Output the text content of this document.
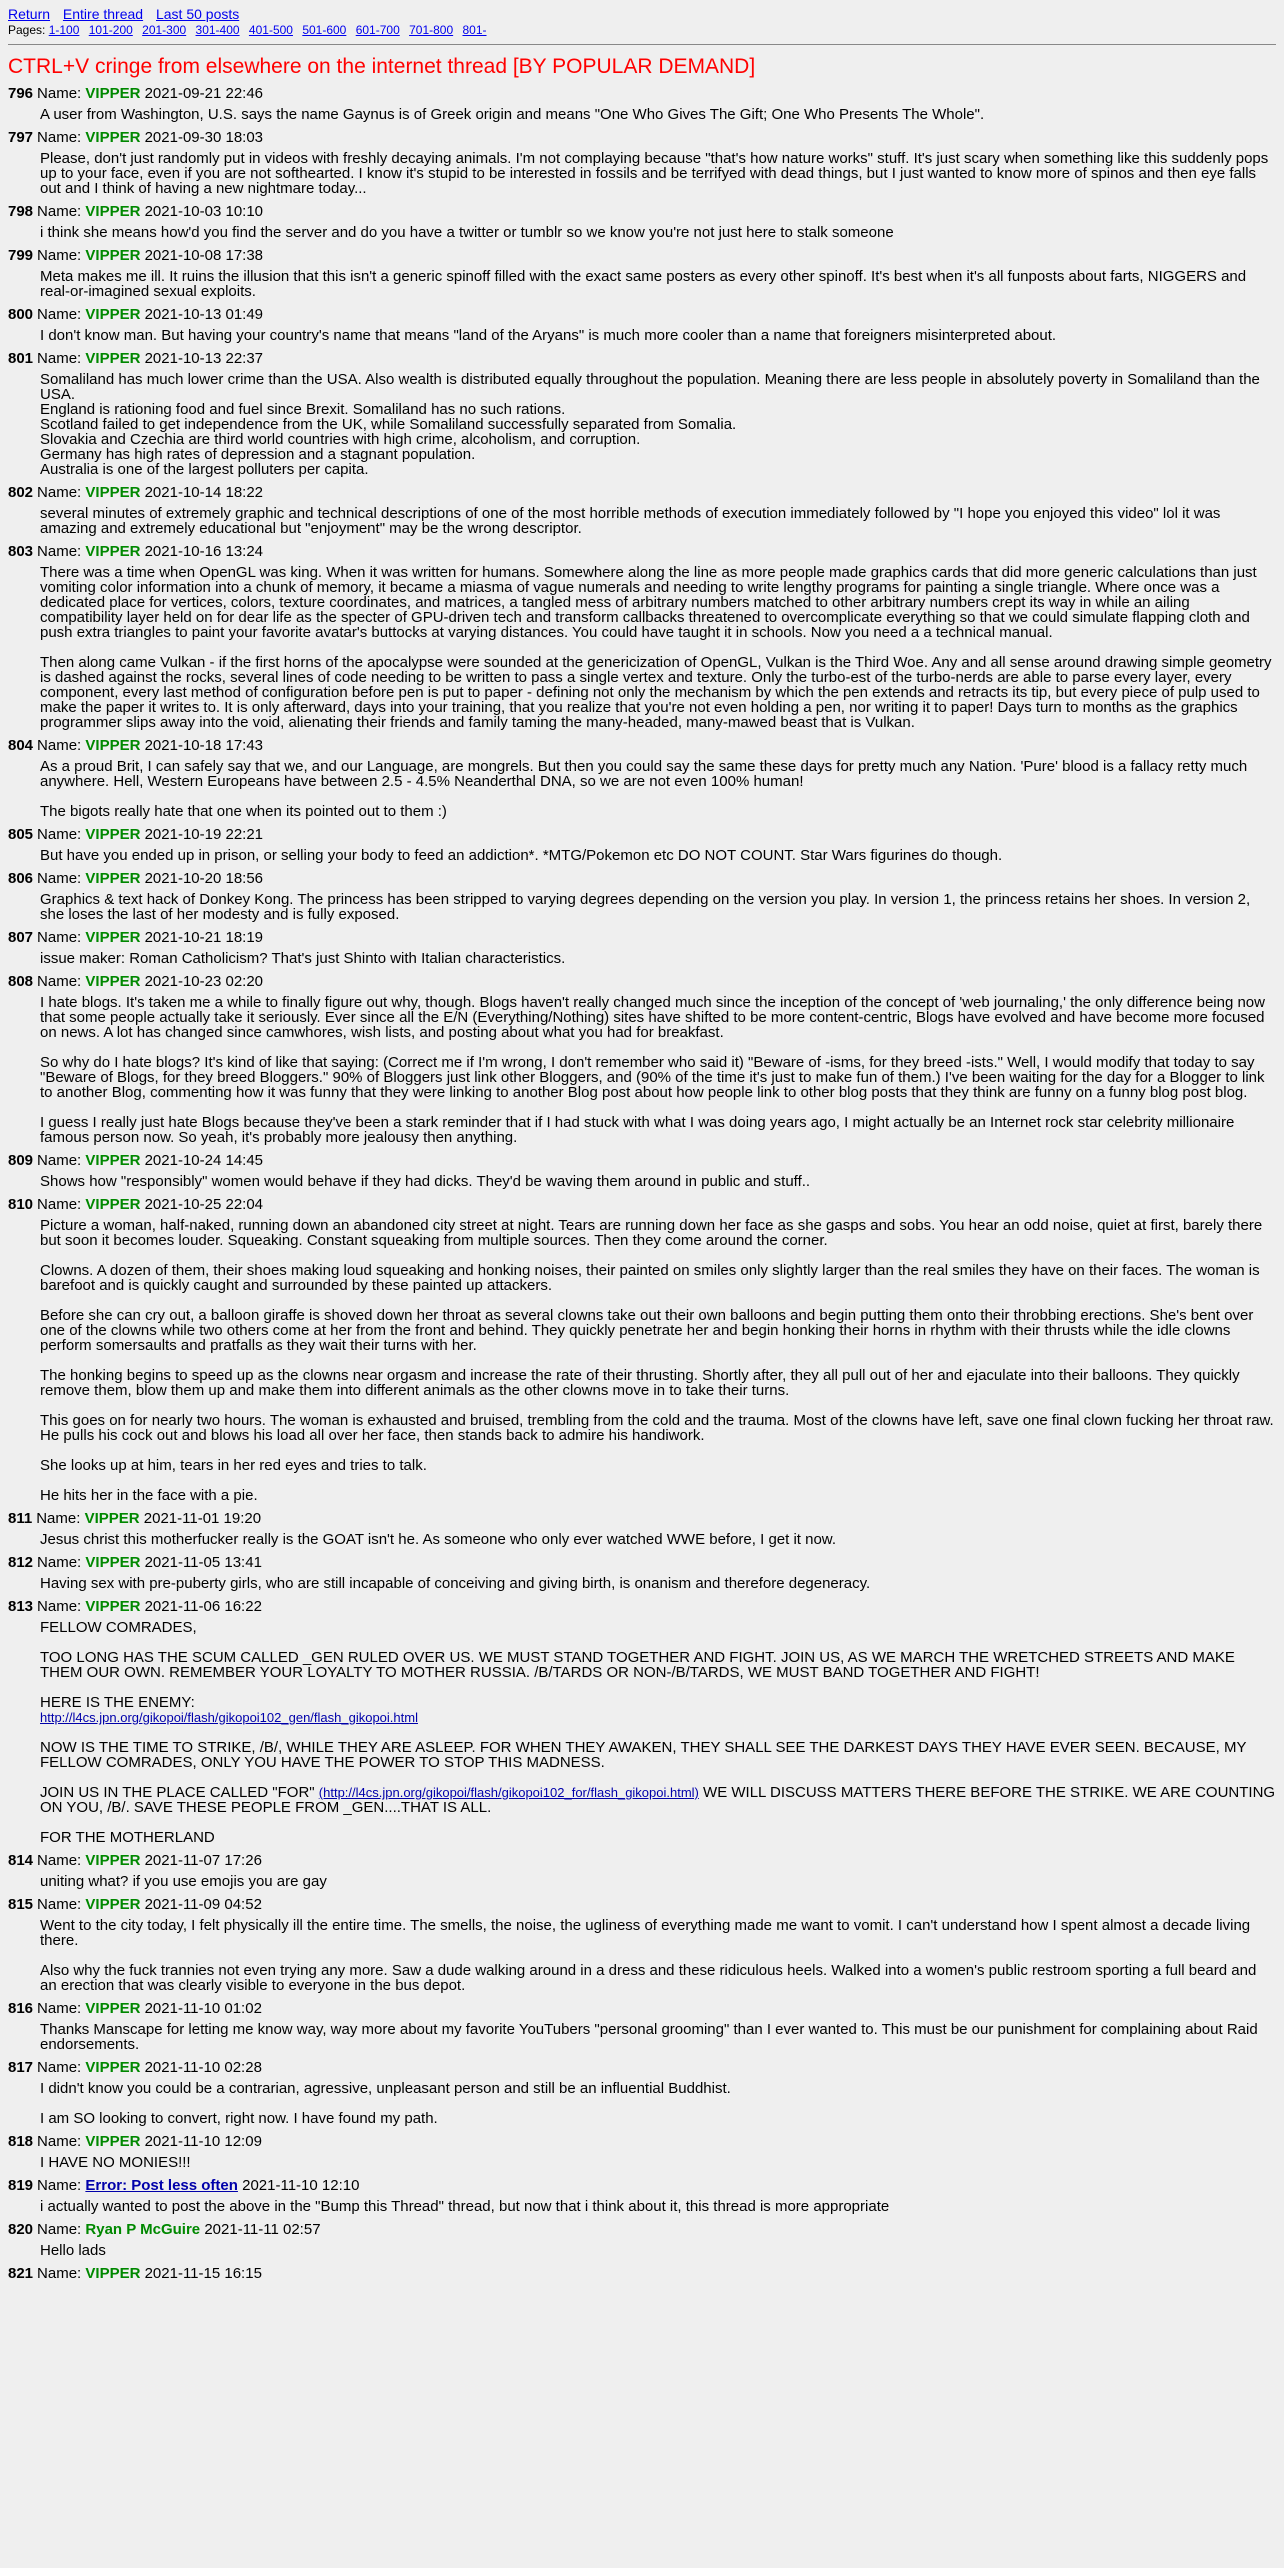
Return Entire thread Last 50 posts
Pages: 1-100 101-200 201-300 301-400 401-500 501-600 601-700 701-800 801-
CTRL+V cringe from elsewhere on the internet thread [BY POPULAR DEMAND]
796 Name: VIPPER 2021-09-21 22:46

A user from Washington, U.S. says the name Gaynus is of Greek origin and means "One Who Gives The Gift; One Who Presents The Whole".

797 Name: VIPPER 2021-09-30 18:03

Please, don't just randomly put in videos with freshly decaying animals. I'm not complaying because "that's how nature works" stuff. It's just scary when something like this suddenly pops up to your face, even if you are not softhearted. I know it's stupid to be interested in fossils and be terrifyed with dead things, but I just wanted to know more of spinos and then eye falls out and I think of having a new nightmare today...

798 Name: VIPPER 2021-10-03 10:10

i think she means how'd you find the server and do you have a twitter or tumblr so we know you're not just here to stalk someone

799 Name: VIPPER 2021-10-08 17:38

Meta makes me ill. It ruins the illusion that this isn't a generic spinoff filled with the exact same posters as every other spinoff. It's best when it's all funposts about farts, NIGGERS and real-or-imagined sexual exploits.

800 Name: VIPPER 2021-10-13 01:49

I don't know man. But having your country's name that means "land of the Aryans" is much more cooler than a name that foreigners misinterpreted about.

801 Name: VIPPER 2021-10-13 22:37

Somaliland has much lower crime than the USA. Also wealth is distributed equally throughout the population. Meaning there are less people in absolutely poverty in Somaliland than the USA.
England is rationing food and fuel since Brexit. Somaliland has no such rations.
Scotland failed to get independence from the UK, while Somaliland successfully separated from Somalia.
Slovakia and Czechia are third world countries with high crime, alcoholism, and corruption.
Germany has high rates of depression and a stagnant population.
Australia is one of the largest polluters per capita.

802 Name: VIPPER 2021-10-14 18:22

several minutes of extremely graphic and technical descriptions of one of the most horrible methods of execution immediately followed by "I hope you enjoyed this video" lol it was amazing and extremely educational but "enjoyment" may be the wrong descriptor.

803 Name: VIPPER 2021-10-16 13:24

There was a time when OpenGL was king. When it was written for humans. Somewhere along the line as more people made graphics cards that did more generic calculations than just vomiting color information into a chunk of memory, it became a miasma of vague numerals and needing to write lengthy programs for painting a single triangle. Where once was a dedicated place for vertices, colors, texture coordinates, and matrices, a tangled mess of arbitrary numbers matched to other arbitrary numbers crept its way in while an ailing compatibility layer held on for dear life as the specter of GPU-driven tech and transform callbacks threatened to overcomplicate everything so that we could simulate flapping cloth and push extra triangles to paint your favorite avatar's buttocks at varying distances. You could have taught it in schools. Now you need a a technical manual.

Then along came Vulkan - if the first horns of the apocalypse were sounded at the genericization of OpenGL, Vulkan is the Third Woe. Any and all sense around drawing simple geometry is dashed against the rocks, several lines of code needing to be written to pass a single vertex and texture. Only the turbo-est of the turbo-nerds are able to parse every layer, every component, every last method of configuration before pen is put to paper - defining not only the mechanism by which the pen extends and retracts its tip, but every piece of pulp used to make the paper it writes to. It is only afterward, days into your training, that you realize that you're not even holding a pen, nor writing it to paper! Days turn to months as the graphics programmer slips away into the void, alienating their friends and family taming the many-headed, many-mawed beast that is Vulkan.

804 Name: VIPPER 2021-10-18 17:43

As a proud Brit, I can safely say that we, and our Language, are mongrels. But then you could say the same these days for pretty much any Nation. 'Pure' blood is a fallacy retty much anywhere. Hell, Western Europeans have between 2.5 - 4.5% Neanderthal DNA, so we are not even 100% human!

The bigots really hate that one when its pointed out to them :)

805 Name: VIPPER 2021-10-19 22:21

But have you ended up in prison, or selling your body to feed an addiction*. *MTG/Pokemon etc DO NOT COUNT. Star Wars figurines do though.

806 Name: VIPPER 2021-10-20 18:56

Graphics & text hack of Donkey Kong. The princess has been stripped to varying degrees depending on the version you play. In version 1, the princess retains her shoes. In version 2, she loses the last of her modesty and is fully exposed.

807 Name: VIPPER 2021-10-21 18:19

issue maker: Roman Catholicism? That's just Shinto with Italian characteristics.

808 Name: VIPPER 2021-10-23 02:20

I hate blogs. It's taken me a while to finally figure out why, though. Blogs haven't really changed much since the inception of the concept of 'web journaling,' the only difference being now that some people actually take it seriously. Ever since all the E/N (Everything/Nothing) sites have shifted to be more content-centric, Blogs have evolved and have become more focused on news. A lot has changed since camwhores, wish lists, and posting about what you had for breakfast.

So why do I hate blogs? It's kind of like that saying: (Correct me if I'm wrong, I don't remember who said it) "Beware of -isms, for they breed -ists." Well, I would modify that today to say "Beware of Blogs, for they breed Bloggers." 90% of Bloggers just link other Bloggers, and (90% of the time it's just to make fun of them.) I've been waiting for the day for a Blogger to link to another Blog, commenting how it was funny that they were linking to another Blog post about how people link to other blog posts that they think are funny on a funny blog post blog.

I guess I really just hate Blogs because they've been a stark reminder that if I had stuck with what I was doing years ago, I might actually be an Internet rock star celebrity millionaire famous person now. So yeah, it's probably more jealousy then anything.

809 Name: VIPPER 2021-10-24 14:45

Shows how "responsibly" women would behave if they had dicks. They'd be waving them around in public and stuff..

810 Name: VIPPER 2021-10-25 22:04

Picture a woman, half-naked, running down an abandoned city street at night. Tears are running down her face as she gasps and sobs. You hear an odd noise, quiet at first, barely there but soon it becomes louder. Squeaking. Constant squeaking from multiple sources. Then they come around the corner.

Clowns. A dozen of them, their shoes making loud squeaking and honking noises, their painted on smiles only slightly larger than the real smiles they have on their faces. The woman is barefoot and is quickly caught and surrounded by these painted up attackers.

Before she can cry out, a balloon giraffe is shoved down her throat as several clowns take out their own balloons and begin putting them onto their throbbing erections. She's bent over one of the clowns while two others come at her from the front and behind. They quickly penetrate her and begin honking their horns in rhythm with their thrusts while the idle clowns perform somersaults and pratfalls as they wait their turns with her.

The honking begins to speed up as the clowns near orgasm and increase the rate of their thrusting. Shortly after, they all pull out of her and ejaculate into their balloons. They quickly remove them, blow them up and make them into different animals as the other clowns move in to take their turns.

This goes on for nearly two hours. The woman is exhausted and bruised, trembling from the cold and the trauma. Most of the clowns have left, save one final clown fucking her throat raw. He pulls his cock out and blows his load all over her face, then stands back to admire his handiwork.

She looks up at him, tears in her red eyes and tries to talk.

He hits her in the face with a pie.

811 Name: VIPPER 2021-11-01 19:20

Jesus christ this motherfucker really is the GOAT isn't he. As someone who only ever watched WWE before, I get it now.

812 Name: VIPPER 2021-11-05 13:41

Having sex with pre-puberty girls, who are still incapable of conceiving and giving birth, is onanism and therefore degeneracy.

813 Name: VIPPER 2021-11-06 16:22

FELLOW COMRADES,

TOO LONG HAS THE SCUM CALLED _GEN RULED OVER US. WE MUST STAND TOGETHER AND FIGHT. JOIN US, AS WE MARCH THE WRETCHED STREETS AND MAKE THEM OUR OWN. REMEMBER YOUR LOYALTY TO MOTHER RUSSIA. /B/TARDS OR NON-/B/TARDS, WE MUST BAND TOGETHER AND FIGHT!

HERE IS THE ENEMY:
http://l4cs.jpn.org/gikopoi/flash/gikopoi102_gen/flash_gikopoi.html

NOW IS THE TIME TO STRIKE, /B/, WHILE THEY ARE ASLEEP. FOR WHEN THEY AWAKEN, THEY SHALL SEE THE DARKEST DAYS THEY HAVE EVER SEEN. BECAUSE, MY FELLOW COMRADES, ONLY YOU HAVE THE POWER TO STOP THIS MADNESS.

JOIN US IN THE PLACE CALLED "FOR" (http://l4cs.jpn.org/gikopoi/flash/gikopoi102_for/flash_gikopoi.html) WE WILL DISCUSS MATTERS THERE BEFORE THE STRIKE. WE ARE COUNTING ON YOU, /B/. SAVE THESE PEOPLE FROM _GEN....THAT IS ALL.

FOR THE MOTHERLAND

814 Name: VIPPER 2021-11-07 17:26

uniting what? if you use emojis you are gay

815 Name: VIPPER 2021-11-09 04:52

Went to the city today, I felt physically ill the entire time. The smells, the noise, the ugliness of everything made me want to vomit. I can't understand how I spent almost a decade living there.

Also why the fuck trannies not even trying any more. Saw a dude walking around in a dress and these ridiculous heels. Walked into a women's public restroom sporting a full beard and an erection that was clearly visible to everyone in the bus depot.

816 Name: VIPPER 2021-11-10 01:02

Thanks Manscape for letting me know way, way more about my favorite YouTubers "personal grooming" than I ever wanted to. This must be our punishment for complaining about Raid endorsements.

817 Name: VIPPER 2021-11-10 02:28

I didn't know you could be a contrarian, agressive, unpleasant person and still be an influential Buddhist.

I am SO looking to convert, right now. I have found my path.

818 Name: VIPPER 2021-11-10 12:09

I HAVE NO MONIES!!!

819 Name: Error: Post less often 2021-11-10 12:10

i actually wanted to post the above in the "Bump this Thread" thread, but now that i think about it, this thread is more appropriate

820 Name: Ryan P McGuire 2021-11-11 02:57

Hello lads

821 Name: VIPPER 2021-11-15 16:15
